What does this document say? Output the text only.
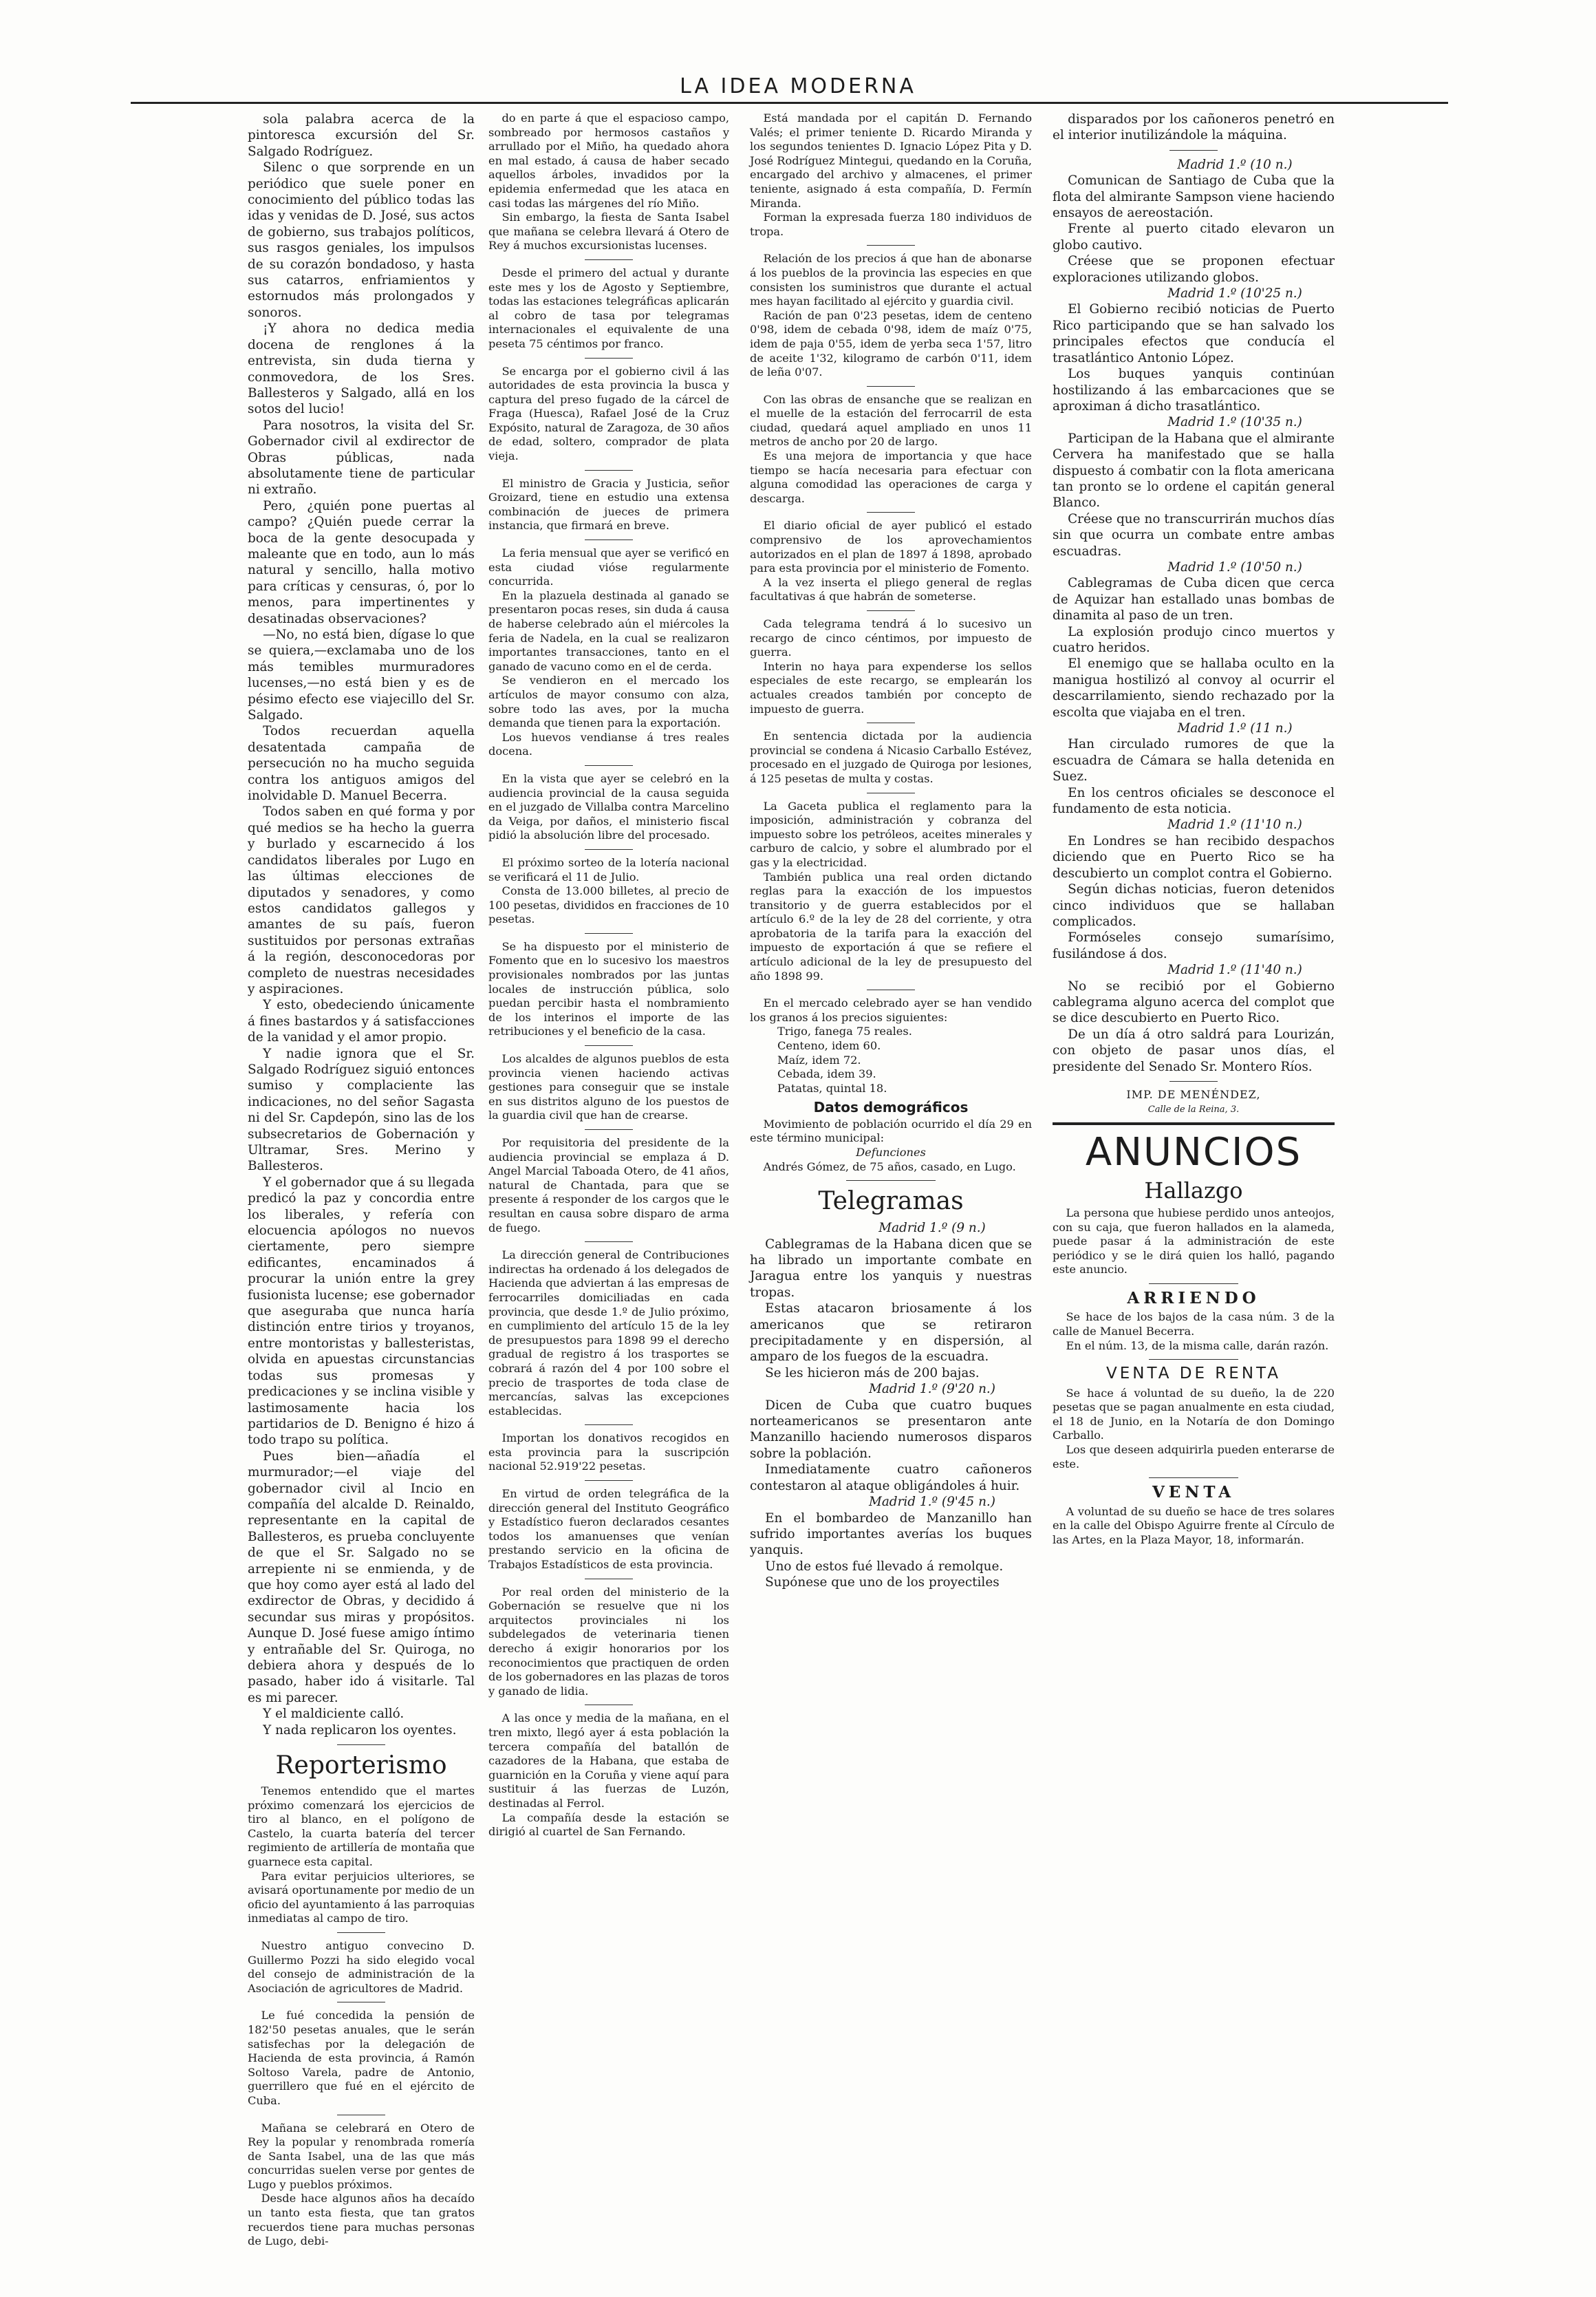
LA IDEA MODERNA

sola palabra acerca de la pintoresca excursión del Sr. Salgado Rodríguez.

Silenc o que sorprende en un periódico que suele poner en conocimiento del público todas las idas y venidas de D. José, sus actos de gobierno, sus trabajos políticos, sus rasgos geniales, los impulsos de su corazón bondadoso, y hasta sus catarros, enfriamientos y estornudos más prolongados y sonoros.

¡Y ahora no dedica media docena de renglones á la entrevista, sin duda tierna y conmovedora, de los Sres. Ballesteros y Salgado, allá en los sotos del lucio!

Para nosotros, la visita del Sr. Gobernador civil al exdirector de Obras públicas, nada absolutamente tiene de particular ni extraño.

Pero, ¿quién pone puertas al campo? ¿Quién puede cerrar la boca de la gente desocupada y maleante que en todo, aun lo más natural y sencillo, halla motivo para críticas y censuras, ó, por lo menos, para impertinentes y desatinadas observaciones?

—No, no está bien, dígase lo que se quiera,—exclamaba uno de los más temibles murmuradores lucenses,—no está bien y es de pésimo efecto ese viajecillo del Sr. Salgado.

Todos recuerdan aquella desatentada campaña de persecución no ha mucho seguida contra los antiguos amigos del inolvidable D. Manuel Becerra.

Todos saben en qué forma y por qué medios se ha hecho la guerra y burlado y escarnecido á los candidatos liberales por Lugo en las últimas elecciones de diputados y senadores, y como estos candidatos gallegos y amantes de su país, fueron sustituidos por personas extrañas á la región, desconocedoras por completo de nuestras necesidades y aspiraciones.

Y esto, obedeciendo únicamente á fines bastardos y á satisfacciones de la vanidad y el amor propio.

Y nadie ignora que el Sr. Salgado Rodríguez siguió entonces sumiso y complaciente las indicaciones, no del señor Sagasta ni del Sr. Capdepón, sino las de los subsecretarios de Gobernación y Ultramar, Sres. Merino y Ballesteros.

Y el gobernador que á su llegada predicó la paz y concordia entre los liberales, y refería con elocuencia apólogos no nuevos ciertamente, pero siempre edificantes, encaminados á procurar la unión entre la grey fusionista lucense; ese gobernador que aseguraba que nunca haría distinción entre tirios y troyanos, entre montoristas y ballesteristas, olvida en apuestas circunstancias todas sus promesas y predicaciones y se inclina visible y lastimosamente hacia los partidarios de D. Benigno é hizo á todo trapo su política.

Pues bien—añadía el murmurador;—el viaje del gobernador civil al Incio en compañía del alcalde D. Reinaldo, representante en la capital de Ballesteros, es prueba concluyente de que el Sr. Salgado no se arrepiente ni se enmienda, y de que hoy como ayer está al lado del exdirector de Obras, y decidido á secundar sus miras y propósitos. Aunque D. José fuese amigo íntimo y entrañable del Sr. Quiroga, no debiera ahora y después de lo pasado, haber ido á visitarle. Tal es mi parecer.

Y el maldiciente calló.

Y nada replicaron los oyentes.

Reporterismo

Tenemos entendido que el martes próximo comenzará los ejercicios de tiro al blanco, en el polígono de Castelo, la cuarta batería del tercer regimiento de artillería de montaña que guarnece esta capital.

Para evitar perjuicios ulteriores, se avisará oportunamente por medio de un oficio del ayuntamiento á las parroquias inmediatas al campo de tiro.

Nuestro antiguo convecino D. Guillermo Pozzi ha sido elegido vocal del consejo de administración de la Asociación de agricultores de Madrid.

Le fué concedida la pensión de 182'50 pesetas anuales, que le serán satisfechas por la delegación de Hacienda de esta provincia, á Ramón Soltoso Varela, padre de Antonio, guerrillero que fué en el ejército de Cuba.

Mañana se celebrará en Otero de Rey la popular y renombrada romería de Santa Isabel, una de las que más concurridas suelen verse por gentes de Lugo y pueblos próximos.

Desde hace algunos años ha decaído un tanto esta fiesta, que tan gratos recuerdos tiene para muchas personas de Lugo, debi-

do en parte á que el espacioso campo, sombreado por hermosos castaños y arrullado por el Miño, ha quedado ahora en mal estado, á causa de haber secado aquellos árboles, invadidos por la epidemia enfermedad que les ataca en casi todas las márgenes del río Miño.

Sin embargo, la fiesta de Santa Isabel que mañana se celebra llevará á Otero de Rey á muchos excursionistas lucenses.

Desde el primero del actual y durante este mes y los de Agosto y Septiembre, todas las estaciones telegráficas aplicarán al cobro de tasa por telegramas internacionales el equivalente de una peseta 75 céntimos por franco.

Se encarga por el gobierno civil á las autoridades de esta provincia la busca y captura del preso fugado de la cárcel de Fraga (Huesca), Rafael José de la Cruz Expósito, natural de Zaragoza, de 30 años de edad, soltero, comprador de plata vieja.

El ministro de Gracia y Justicia, señor Groizard, tiene en estudio una extensa combinación de jueces de primera instancia, que firmará en breve.

La feria mensual que ayer se verificó en esta ciudad vióse regularmente concurrida.

En la plazuela destinada al ganado se presentaron pocas reses, sin duda á causa de haberse celebrado aún el miércoles la feria de Nadela, en la cual se realizaron importantes transacciones, tanto en el ganado de vacuno como en el de cerda.

Se vendieron en el mercado los artículos de mayor consumo con alza, sobre todo las aves, por la mucha demanda que tienen para la exportación.

Los huevos vendianse á tres reales docena.

En la vista que ayer se celebró en la audiencia provincial de la causa seguida en el juzgado de Villalba contra Marcelino da Veiga, por daños, el ministerio fiscal pidió la absolución libre del procesado.

El próximo sorteo de la lotería nacional se verificará el 11 de Julio.

Consta de 13.000 billetes, al precio de 100 pesetas, divididos en fracciones de 10 pesetas.

Se ha dispuesto por el ministerio de Fomento que en lo sucesivo los maestros provisionales nombrados por las juntas locales de instrucción pública, solo puedan percibir hasta el nombramiento de los interinos el importe de las retribuciones y el beneficio de la casa.

Los alcaldes de algunos pueblos de esta provincia vienen haciendo activas gestiones para conseguir que se instale en sus distritos alguno de los puestos de la guardia civil que han de crearse.

Por requisitoria del presidente de la audiencia provincial se emplaza á D. Angel Marcial Taboada Otero, de 41 años, natural de Chantada, para que se presente á responder de los cargos que le resultan en causa sobre disparo de arma de fuego.

La dirección general de Contribuciones indirectas ha ordenado á los delegados de Hacienda que adviertan á las empresas de ferrocarriles domiciliadas en cada provincia, que desde 1.º de Julio próximo, en cumplimiento del artículo 15 de la ley de presupuestos para 1898 99 el derecho gradual de registro á los trasportes se cobrará á razón del 4 por 100 sobre el precio de trasportes de toda clase de mercancías, salvas las excepciones establecidas.

Importan los donativos recogidos en esta provincia para la suscripción nacional 52.919'22 pesetas.

En virtud de orden telegráfica de la dirección general del Instituto Geográfico y Estadístico fueron declarados cesantes todos los amanuenses que venían prestando servicio en la oficina de Trabajos Estadísticos de esta provincia.

Por real orden del ministerio de la Gobernación se resuelve que ni los arquitectos provinciales ni los subdelegados de veterinaria tienen derecho á exigir honorarios por los reconocimientos que practiquen de orden de los gobernadores en las plazas de toros y ganado de lidia.

A las once y media de la mañana, en el tren mixto, llegó ayer á esta población la tercera compañía del batallón de cazadores de la Habana, que estaba de guarnición en la Coruña y viene aquí para sustituir á las fuerzas de Luzón, destinadas al Ferrol.

La compañía desde la estación se dirigió al cuartel de San Fernando.

Está mandada por el capitán D. Fernando Valés; el primer teniente D. Ricardo Miranda y los segundos tenientes D. Ignacio López Pita y D. José Rodríguez Mintegui, quedando en la Coruña, encargado del archivo y almacenes, el primer teniente, asignado á esta compañía, D. Fermín Miranda.

Forman la expresada fuerza 180 individuos de tropa.

Relación de los precios á que han de abonarse á los pueblos de la provincia las especies en que consisten los suministros que durante el actual mes hayan facilitado al ejército y guardia civil.

Ración de pan 0'23 pesetas, idem de centeno 0'98, idem de cebada 0'98, idem de maíz 0'75, idem de paja 0'55, idem de yerba seca 1'57, litro de aceite 1'32, kilogramo de carbón 0'11, idem de leña 0'07.

Con las obras de ensanche que se realizan en el muelle de la estación del ferrocarril de esta ciudad, quedará aquel ampliado en unos 11 metros de ancho por 20 de largo.

Es una mejora de importancia y que hace tiempo se hacía necesaria para efectuar con alguna comodidad las operaciones de carga y descarga.

El diario oficial de ayer publicó el estado comprensivo de los aprovechamientos autorizados en el plan de 1897 á 1898, aprobado para esta provincia por el ministerio de Fomento.

A la vez inserta el pliego general de reglas facultativas á que habrán de someterse.

Cada telegrama tendrá á lo sucesivo un recargo de cinco céntimos, por impuesto de guerra.

Interin no haya para expenderse los sellos especiales de este recargo, se emplearán los actuales creados también por concepto de impuesto de guerra.

En sentencia dictada por la audiencia provincial se condena á Nicasio Carballo Estévez, procesado en el juzgado de Quiroga por lesiones, á 125 pesetas de multa y costas.

La Gaceta publica el reglamento para la imposición, administración y cobranza del impuesto sobre los petróleos, aceites minerales y carburo de calcio, y sobre el alumbrado por el gas y la electricidad.

También publica una real orden dictando reglas para la exacción de los impuestos transitorio y de guerra establecidos por el artículo 6.º de la ley de 28 del corriente, y otra aprobatoria de la tarifa para la exacción del impuesto de exportación á que se refiere el artículo adicional de la ley de presupuesto del año 1898 99.

En el mercado celebrado ayer se han vendido los granos á los precios siguientes:

Trigo, fanega 75 reales.

Centeno, idem 60.

Maíz, idem 72.

Cebada, idem 39.

Patatas, quintal 18.

Datos demográficos

Movimiento de población ocurrido el día 29 en este término municipal:

Defunciones

Andrés Gómez, de 75 años, casado, en Lugo.

Telegramas

Madrid 1.º (9 n.)

Cablegramas de la Habana dicen que se ha librado un importante combate en Jaragua entre los yanquis y nuestras tropas.

Estas atacaron briosamente á los americanos que se retiraron precipitadamente y en dispersión, al amparo de los fuegos de la escuadra.

Se les hicieron más de 200 bajas.

Madrid 1.º (9'20 n.)

Dicen de Cuba que cuatro buques norteamericanos se presentaron ante Manzanillo haciendo numerosos disparos sobre la población.

Inmediatamente cuatro cañoneros contestaron al ataque obligándoles á huir.

Madrid 1.º (9'45 n.)

En el bombardeo de Manzanillo han sufrido importantes averías los buques yanquis.

Uno de estos fué llevado á remolque.

Supónese que uno de los proyectiles

disparados por los cañoneros penetró en el interior inutilizándole la máquina.

Madrid 1.º (10 n.)

Comunican de Santiago de Cuba que la flota del almirante Sampson viene haciendo ensayos de aereostación.

Frente al puerto citado elevaron un globo cautivo.

Créese que se proponen efectuar exploraciones utilizando globos.

Madrid 1.º (10'25 n.)

El Gobierno recibió noticias de Puerto Rico participando que se han salvado los principales efectos que conducía el trasatlántico Antonio López.

Los buques yanquis continúan hostilizando á las embarcaciones que se aproximan á dicho trasatlántico.

Madrid 1.º (10'35 n.)

Participan de la Habana que el almirante Cervera ha manifestado que se halla dispuesto á combatir con la flota americana tan pronto se lo ordene el capitán general Blanco.

Créese que no transcurrirán muchos días sin que ocurra un combate entre ambas escuadras.

Madrid 1.º (10'50 n.)

Cablegramas de Cuba dicen que cerca de Aquizar han estallado unas bombas de dinamita al paso de un tren.

La explosión produjo cinco muertos y cuatro heridos.

El enemigo que se hallaba oculto en la manigua hostilizó al convoy al ocurrir el descarrilamiento, siendo rechazado por la escolta que viajaba en el tren.

Madrid 1.º (11 n.)

Han circulado rumores de que la escuadra de Cámara se halla detenida en Suez.

En los centros oficiales se desconoce el fundamento de esta noticia.

Madrid 1.º (11'10 n.)

En Londres se han recibido despachos diciendo que en Puerto Rico se ha descubierto un complot contra el Gobierno.

Según dichas noticias, fueron detenidos cinco individuos que se hallaban complicados.

Formóseles consejo sumarísimo, fusilándose á dos.

Madrid 1.º (11'40 n.)

No se recibió por el Gobierno cablegrama alguno acerca del complot que se dice descubierto en Puerto Rico.

De un día á otro saldrá para Lourizán, con objeto de pasar unos días, el presidente del Senado Sr. Montero Ríos.

IMP. DE MENÉNDEZ,
Calle de la Reina, 3.
ANUNCIOS
Hallazgo

La persona que hubiese perdido unos anteojos, con su caja, que fueron hallados en la alameda, puede pasar á la administración de este periódico y se le dirá quien los halló, pagando este anuncio.

ARRIENDO

Se hace de los bajos de la casa núm. 3 de la calle de Manuel Becerra.

En el núm. 13, de la misma calle, darán razón.

VENTA DE RENTA

Se hace á voluntad de su dueño, la de 220 pesetas que se pagan anualmente en esta ciudad, el 18 de Junio, en la Notaría de don Domingo Carballo.

Los que deseen adquirirla pueden enterarse de este.

VENTA

A voluntad de su dueño se hace de tres solares en la calle del Obispo Aguirre frente al Círculo de las Artes, en la Plaza Mayor, 18, informarán.
